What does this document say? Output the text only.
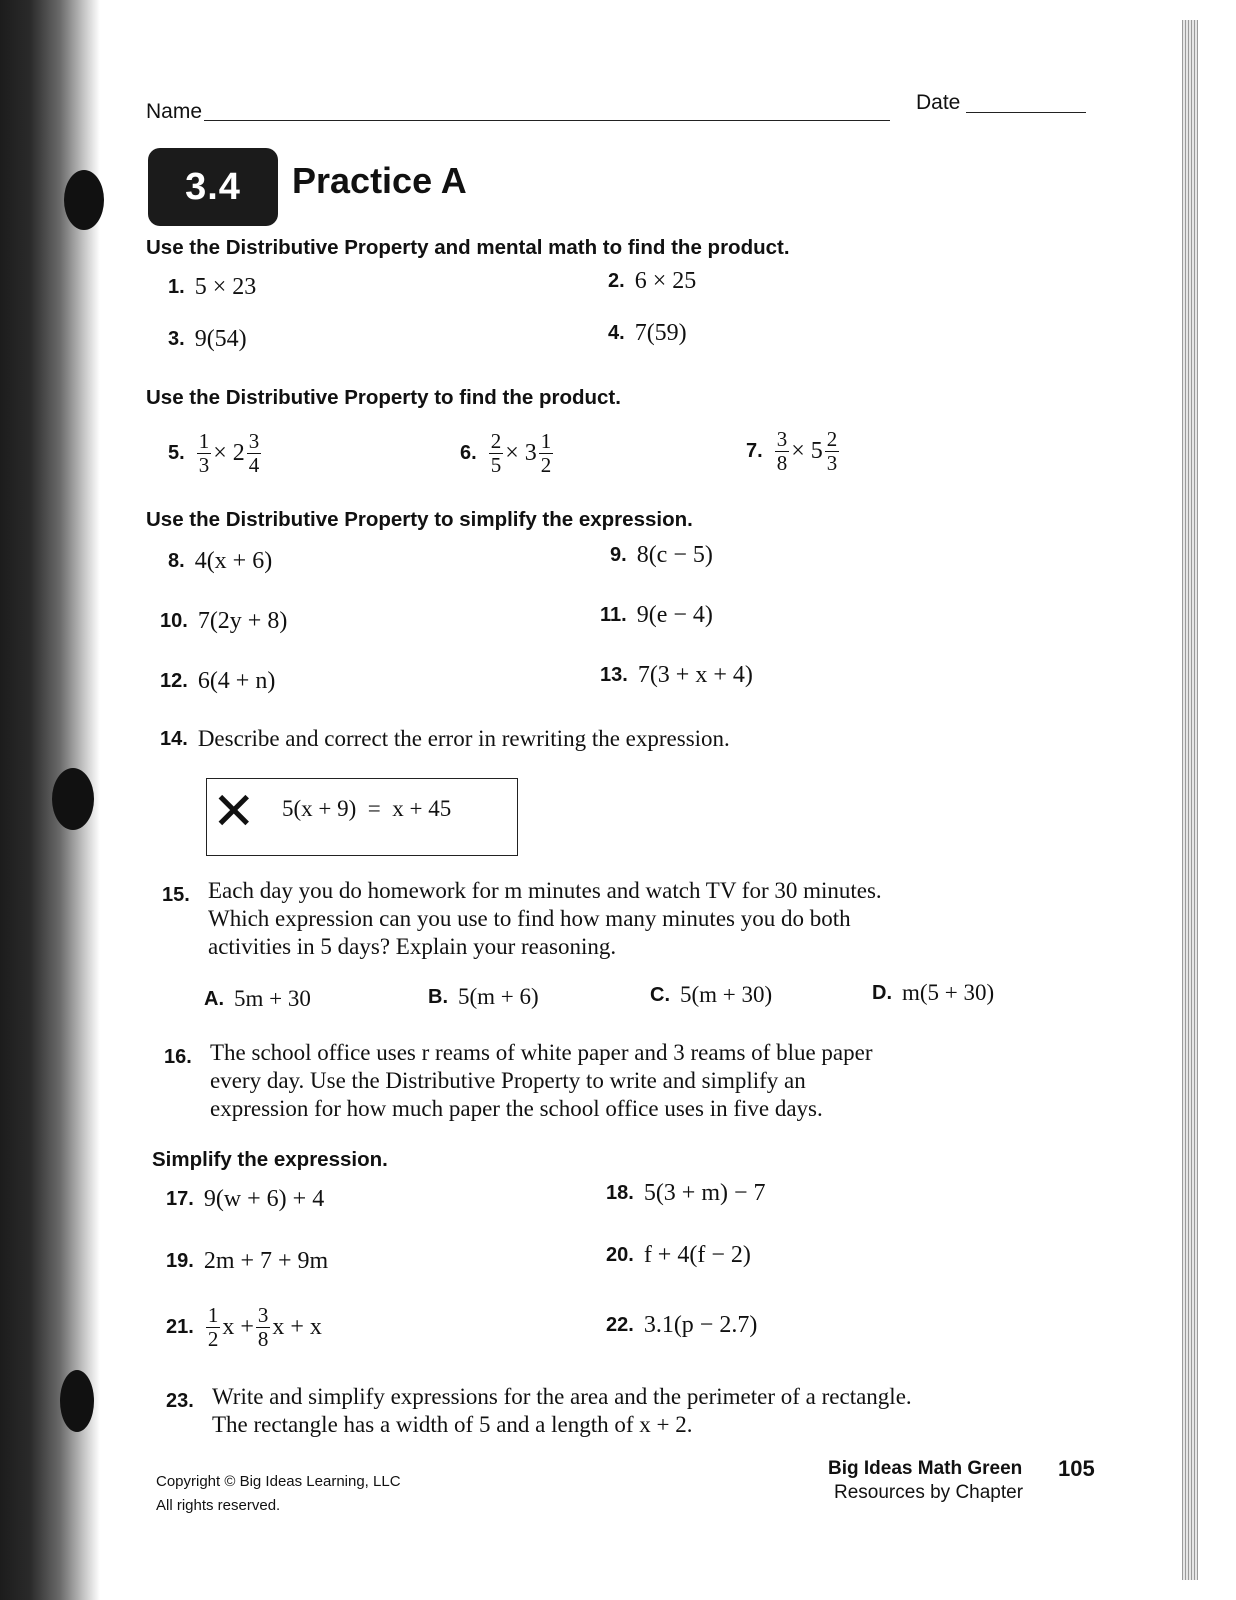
Name	Date
3.4	Practice A
Use the Distributive Property and mental math to find the product.
1. 5 × 23	2. 6 × 25
3. 9(54)	4. 7(59)
Use the Distributive Property to find the product.
5. $\frac{1}{3} \times 2 \frac{3}{4}$	6. $\frac{2}{5} \times 3 \frac{1}{2}$	7. $\frac{3}{8} \times 5 \frac{2}{3}$
Use the Distributive Property to simplify the expression.
8. 4(x + 6)	9. 8(c − 5)
10. 7(2y + 8)	11. 9(e − 4)
12. 6(4 + n)	13. 7(3 + x + 4)
14. Describe and correct the error in rewriting the expression.
✕ 5(x + 9)  =  x + 45
15. Each day you do homework for m minutes and watch TV for 30 minutes.
Which expression can you use to find how many minutes you do both
activities in 5 days? Explain your reasoning.
A. 5m + 30	B. 5(m + 6)	C. 5(m + 30)	D. m(5 + 30)
16. The school office uses r reams of white paper and 3 reams of blue paper
every day. Use the Distributive Property to write and simplify an
expression for how much paper the school office uses in five days.
Simplify the expression.
17. 9(w + 6) + 4	18. 5(3 + m) − 7
19. 2m + 7 + 9m	20. f + 4(f − 2)
21. $\frac{1}{2}$ $x + \frac{3}{8}$ x + x	22. 3.1(p − 2.7)
23. Write and simplify expressions for the area and the perimeter of a rectangle.
The rectangle has a width of 5 and a length of x + 2.
Copyright © Big Ideas Learning, LLC
All rights reserved.
Big Ideas Math Green
Resources by Chapter
105
